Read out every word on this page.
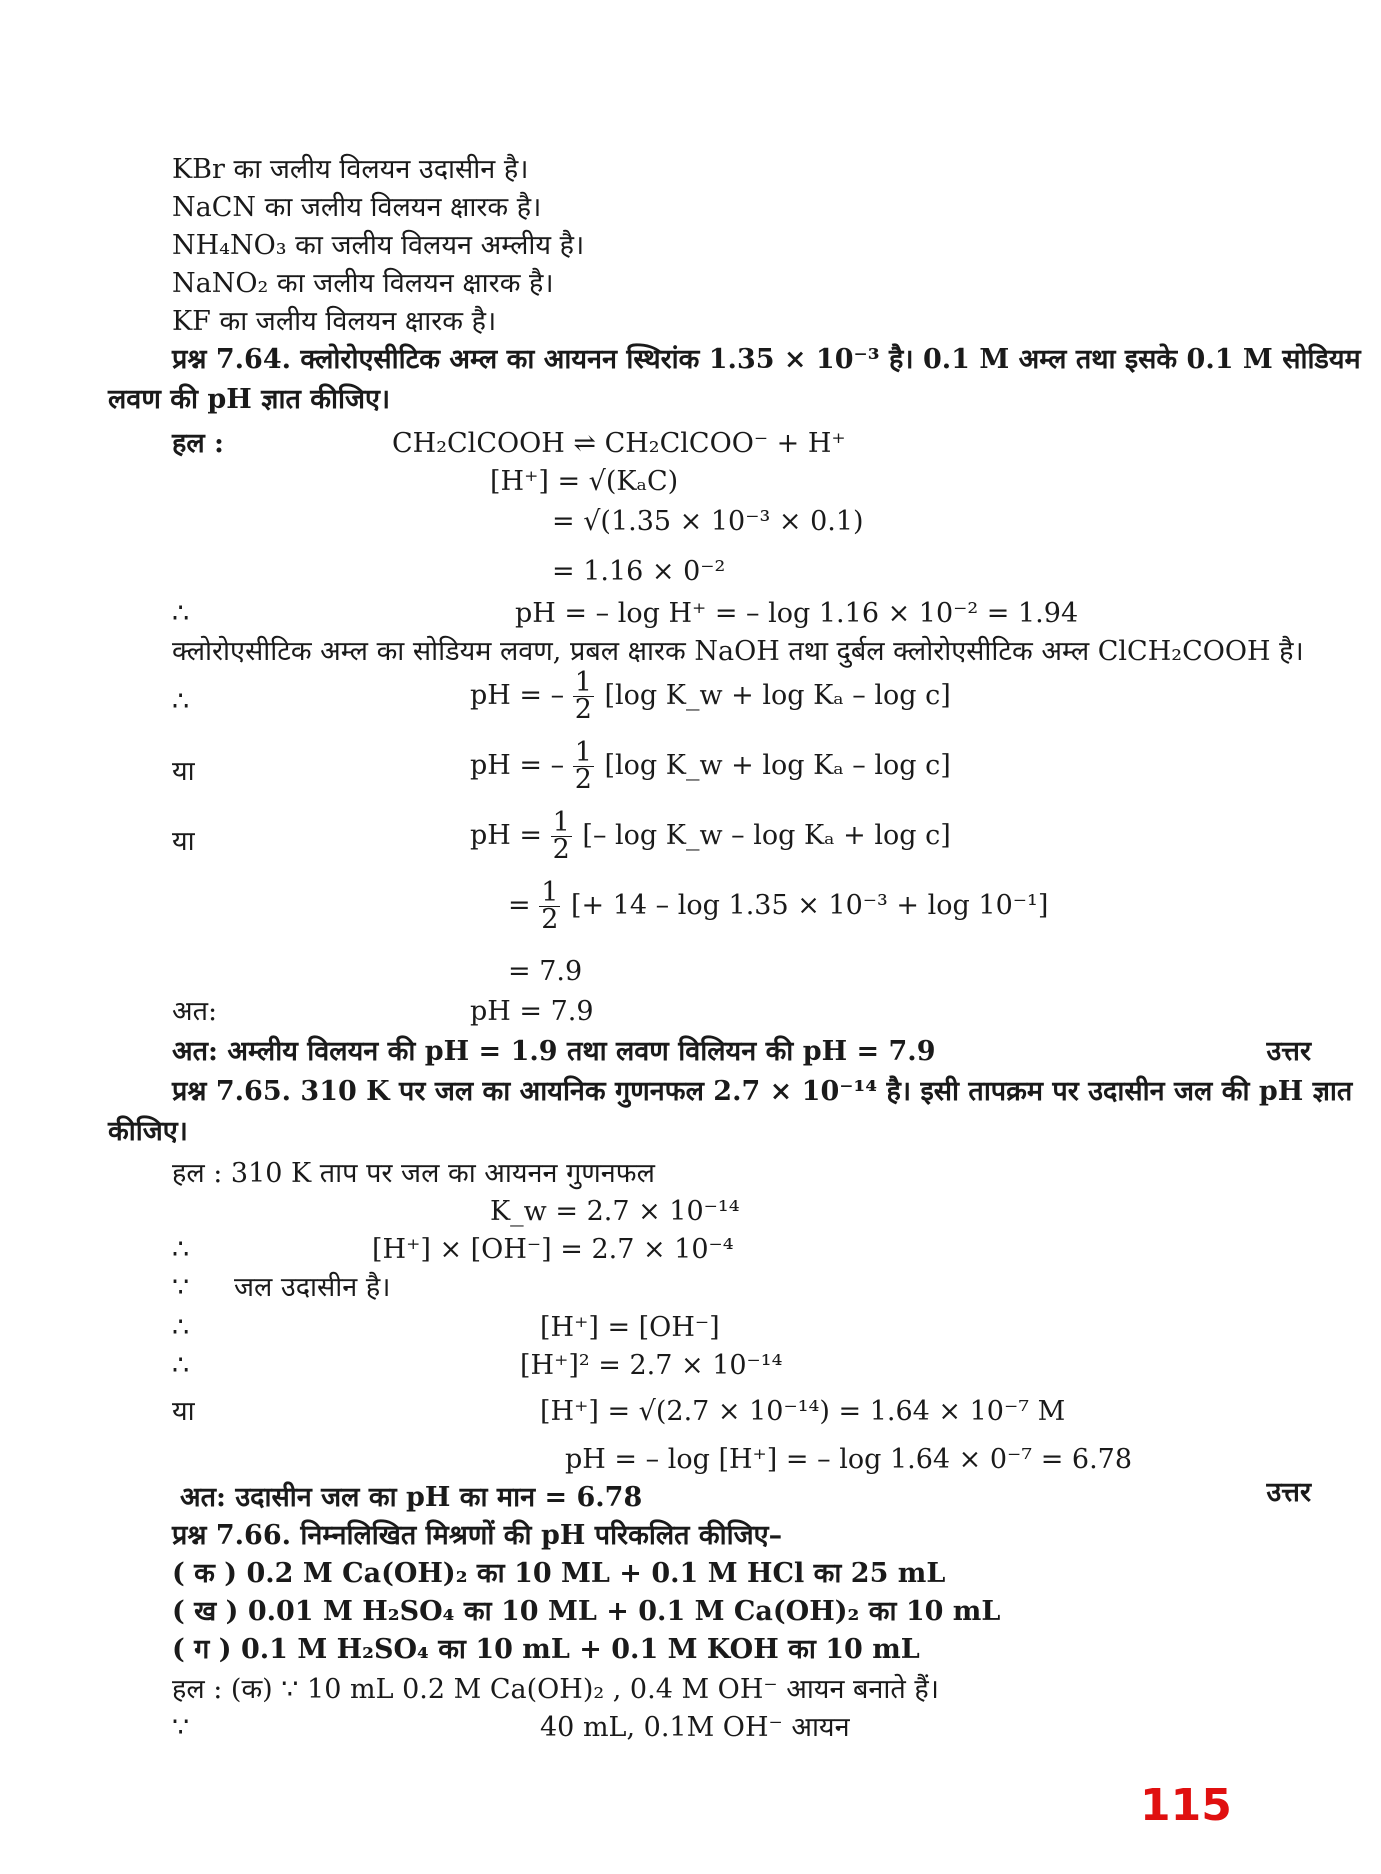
KBr का जलीय विलयन उदासीन है।
NaCN का जलीय विलयन क्षारक है।
NH₄NO₃ का जलीय विलयन अम्लीय है।
NaNO₂ का जलीय विलयन क्षारक है।
KF का जलीय विलयन क्षारक है।
प्रश्न 7.64. क्लोरोएसीटिक अम्ल का आयनन स्थिरांक 1.35 × 10⁻³ है। 0.1 M अम्ल तथा इसके 0.1 M सोडियम
लवण की pH ज्ञात कीजिए।
हल :	CH₂ClCOOH ⇌ CH₂ClCOO⁻ + H⁺
[H⁺] = √(KₐC)
= √(1.35 × 10⁻³ × 0.1)
= 1.16 × 0⁻²
∴	pH = – log H⁺ = – log 1.16 × 10⁻² = 1.94
क्लोरोएसीटिक अम्ल का सोडियम लवण, प्रबल क्षारक NaOH तथा दुर्बल क्लोरोएसीटिक अम्ल ClCH₂COOH है।
∴	pH = – $\frac{1}{2} [\log$ K_w + log Kₐ – log c]
या	pH = – $\frac{1}{2} [\log$ K_w + log Kₐ – log c]
या	pH = $\frac{1}{2}$ [– log K_w – log Kₐ + log c]
= $\frac{1}{2}$ [+ 14 – log 1.35 × 10⁻³ + log 10⁻¹]
= 7.9
अत:	pH = 7.9
अत: अम्लीय विलयन की pH = 1.9 तथा लवण विलियन की pH = 7.9	उत्तर
प्रश्न 7.65. 310 K पर जल का आयनिक गुणनफल 2.7 × 10⁻¹⁴ है। इसी तापक्रम पर उदासीन जल की pH ज्ञात
कीजिए।
हल : 310 K ताप पर जल का आयनन गुणनफल
K_w = 2.7 × 10⁻¹⁴
∴	[H⁺] × [OH⁻] = 2.7 × 10⁻⁴
∵ जल उदासीन है।
∴	[H⁺] = [OH⁻]
∴	[H⁺]² = 2.7 × 10⁻¹⁴
या	[H⁺] = √(2.7 × 10⁻¹⁴) = 1.64 × 10⁻⁷ M
pH = – log [H⁺] = – log 1.64 × 0⁻⁷ = 6.78
अत: उदासीन जल का pH का मान = 6.78	उत्तर
प्रश्न 7.66. निम्नलिखित मिश्रणों की pH परिकलित कीजिए–
( क ) 0.2 M Ca(OH)₂ का 10 ML + 0.1 M HCl का 25 mL
( ख ) 0.01 M H₂SO₄ का 10 ML + 0.1 M Ca(OH)₂ का 10 mL
( ग ) 0.1 M H₂SO₄ का 10 mL + 0.1 M KOH का 10 mL
हल : (क) ∵ 10 mL 0.2 M Ca(OH)₂ , 0.4 M OH⁻ आयन बनाते हैं।
∵	40 mL, 0.1M OH⁻ आयन
115
